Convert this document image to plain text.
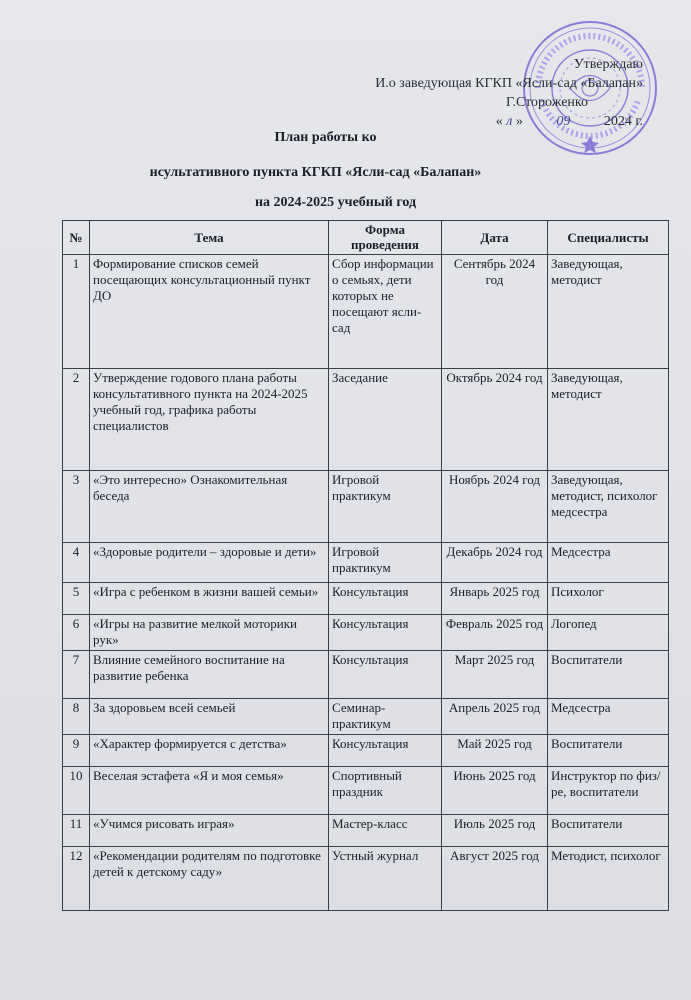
Утверждаю
И.о заведующая КГКП «Ясли-сад «Балапан»
Г.Стороженко
« л » 09 2024 г.
План работы ко
нсультативного пункта КГКП «Ясли-сад «Балапан»
на 2024-2025 учебный год
№	Тема	Форма проведения	Дата	Специалисты
1	Формирование списков семей посещающих консультационный пункт ДО	Сбор информации о семьях, дети которых не посещают ясли-сад	Сентябрь 2024 год	Заведующая, методист
2	Утверждение годового плана работы консультативного пункта на 2024-2025 учебный год, графика работы специалистов	Заседание	Октябрь 2024 год	Заведующая, методист
3	«Это интересно» Ознакомительная беседа	Игровой практикум	Ноябрь 2024 год	Заведующая, методист, психолог медсестра
4	«Здоровые родители – здоровые и дети»	Игровой практикум	Декабрь 2024 год	Медсестра
5	«Игра с ребенком в жизни вашей семьи»	Консультация	Январь 2025 год	Психолог
6	«Игры на развитие мелкой моторики рук»	Консультация	Февраль 2025 год	Логопед
7	Влияние семейного воспитание на развитие ребенка	Консультация	Март 2025 год	Воспитатели
8	За здоровьем всей семьей	Семинар-практикум	Апрель 2025 год	Медсестра
9	«Характер формируется с детства»	Консультация	Май 2025 год	Воспитатели
10	Веселая эстафета «Я и моя семья»	Спортивный праздник	Июнь 2025 год	Инструктор по физ/ре, воспитатели
11	«Учимся рисовать играя»	Мастер-класс	Июль 2025 год	Воспитатели
12	«Рекомендации родителям по подготовке детей к детскому саду»	Устный журнал	Август 2025 год	Методист, психолог
